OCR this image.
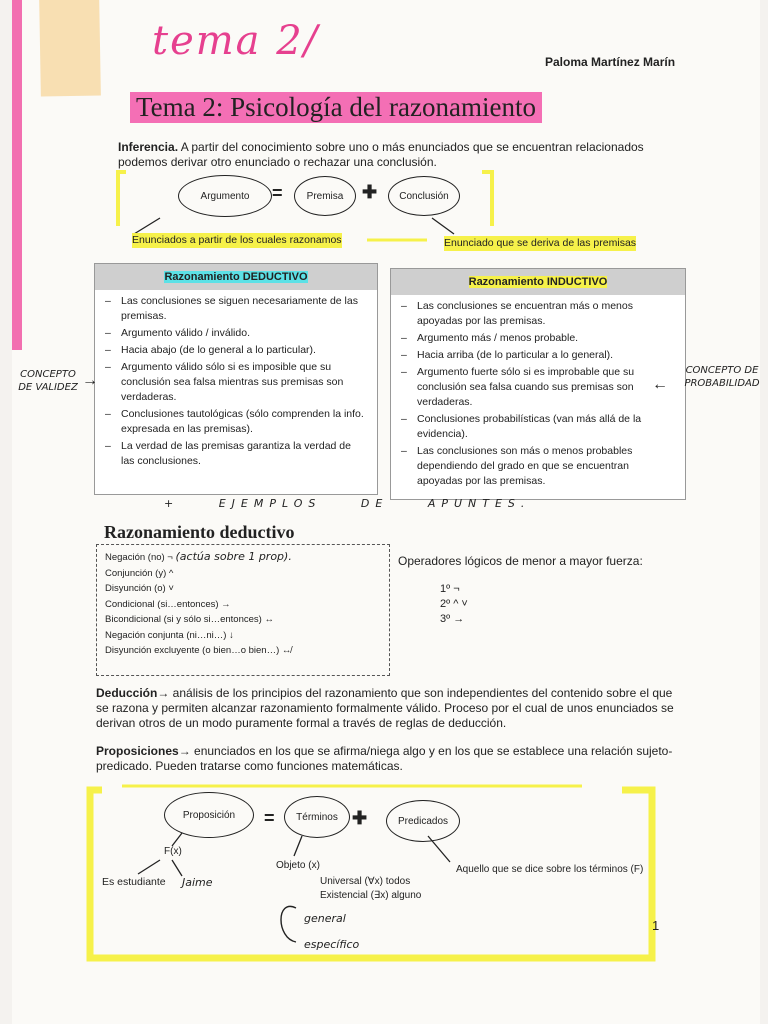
tema 2/	Paloma Martínez Marín
Tema 2: Psicología del razonamiento
Inferencia. A partir del conocimiento sobre uno o más enunciados que se encuentran relacionados podemos derivar otro enunciado o rechazar una conclusión.
Argumento	=	Premisa	✚	Conclusión
Enunciados a partir de los cuales razonamos	Enunciado que se deriva de las premisas
Razonamiento DEDUCTIVO
– Las conclusiones se siguen necesariamente de las premisas.
– Argumento válido / inválido.
– Hacia abajo (de lo general a lo particular).
– Argumento válido sólo si es imposible que su conclusión sea falsa mientras sus premisas son verdaderas.
– Conclusiones tautológicas (sólo comprenden la info. expresada en las premisas).
– La verdad de las premisas garantiza la verdad de las conclusiones.
Razonamiento INDUCTIVO
– Las conclusiones se encuentran más o menos apoyadas por las premisas.
– Argumento más / menos probable.
– Hacia arriba (de lo particular a lo general).
– Argumento fuerte sólo si es improbable que su conclusión sea falsa cuando sus premisas son verdaderas.
– Conclusiones probabilísticas (van más allá de la evidencia).
– Las conclusiones son más o menos probables dependiendo del grado en que se encuentran apoyadas por las premisas.
CONCEPTO DE VALIDEZ →
CONCEPTO DE PROBABILIDAD
←
+ EJEMPLOS DE APUNTES.
Razonamiento deductivo
Negación (no) ¬ (actúa sobre 1 prop).
Conjunción (y) ^
Disyunción (o) ˅
Condicional (si…entonces) →
Bicondicional (si y sólo si…entonces) ↔
Negación conjunta (ni…ni…) ↓
Disyunción excluyente (o bien…o bien…) ↮
Operadores lógicos de menor a mayor fuerza:
1º ¬
2º ^ ˅
3º →
Deducción→ análisis de los principios del razonamiento que son independientes del contenido sobre el que se razona y permiten alcanzar razonamiento formalmente válido. Proceso por el cual de unos enunciados se derivan otros de un modo puramente formal a través de reglas de deducción.
Proposiciones→ enunciados en los que se afirma/niega algo y en los que se establece una relación sujeto-predicado. Pueden tratarse como funciones matemáticas.
Proposición	=	Términos ✚	Predicados
F(x)
Es estudiante Jaime
Objeto (x)
Universal (∀x) todos
Existencial (∃x) alguno
general
específico
Aquello que se dice sobre los términos (F)
1
